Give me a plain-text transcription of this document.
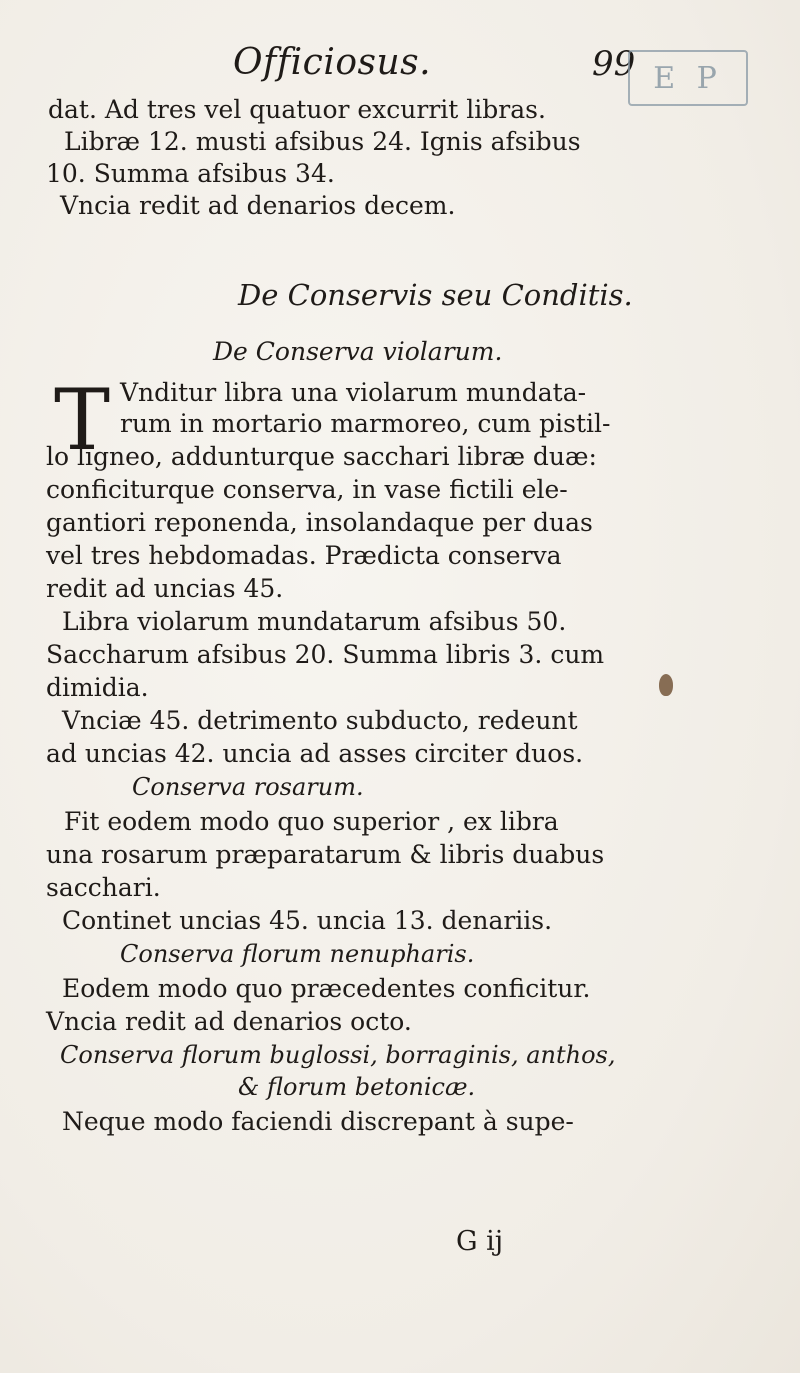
Officiosus.	99 E P
dat. Ad tres vel quatuor excurrit libras.
Libræ 12. musti afsibus 24. Ignis afsibus
10. Summa afsibus 34.
Vncia redit ad denarios decem.
De Conservis seu Conditis.
De Conserva violarum.
T Vnditur libra una violarum mundata-
rum in mortario marmoreo, cum pistil-
lo ligneo, addunturque sacchari libræ duæ:
conficiturque conserva, in vase fictili ele-
gantiori reponenda, insolandaque per duas
vel tres hebdomadas. Prædicta conserva
redit ad uncias 45.
Libra violarum mundatarum afsibus 50.
Saccharum afsibus 20. Summa libris 3. cum
dimidia.
Vnciæ 45. detrimento subducto, redeunt
ad uncias 42. uncia ad asses circiter duos.
Conserva rosarum.
Fit eodem modo quo superior , ex libra
una rosarum præparatarum & libris duabus
sacchari.
Continet uncias 45. uncia 13. denariis.
Conserva florum nenupharis.
Eodem modo quo præcedentes conficitur.
Vncia redit ad denarios octo.
Conserva florum buglossi, borraginis, anthos,
& florum betonicæ.
Neque modo faciendi discrepant à supe-
G ij
